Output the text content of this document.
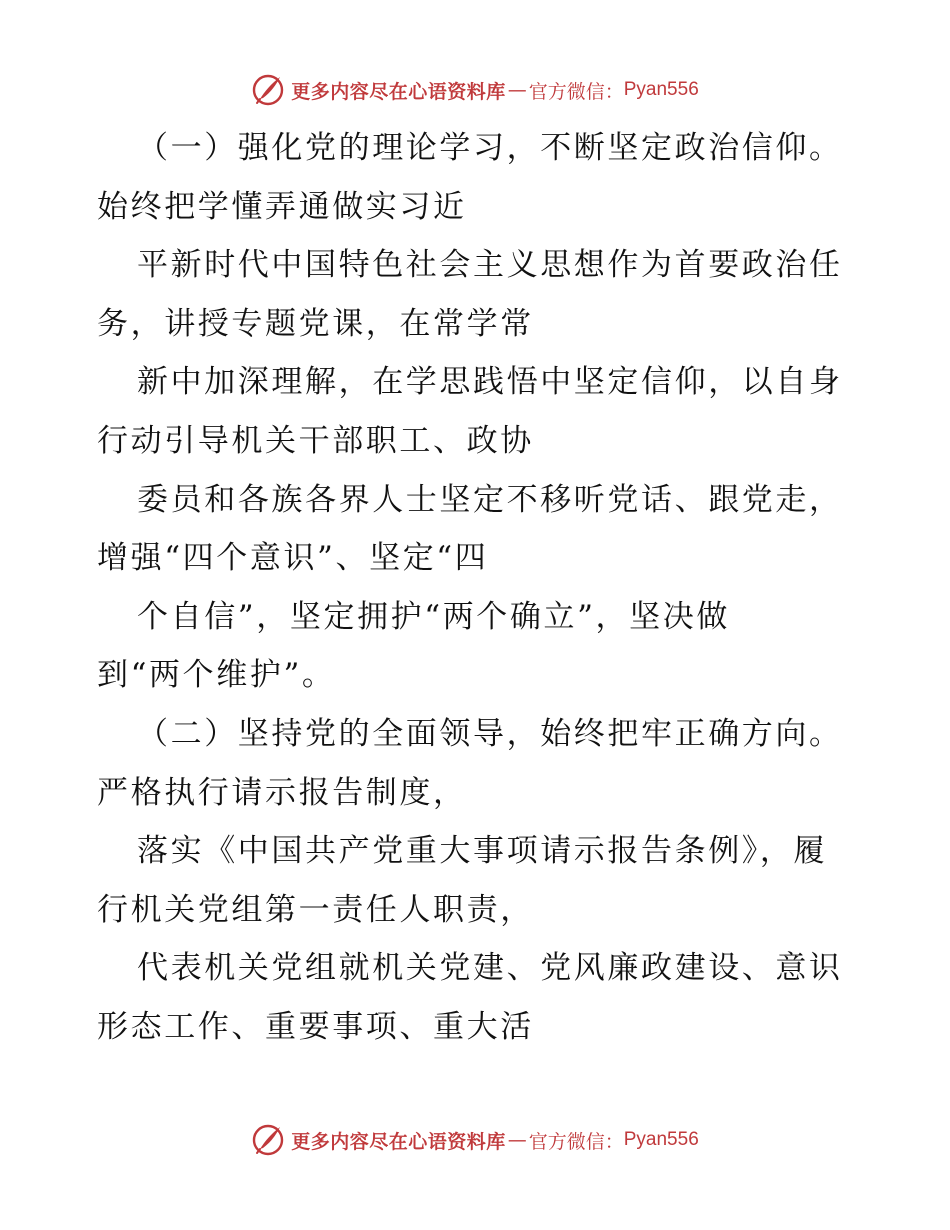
更多内容尽在心语资料库 — 官方微信： Pyan556
（一）强化党的理论学习，不断坚定政治信仰。
始终把学懂弄通做实习近
平新时代中国特色社会主义思想作为首要政治任
务，讲授专题党课，在常学常
新中加深理解，在学思践悟中坚定信仰，以自身
行动引导机关干部职工、政协
委员和各族各界人士坚定不移听党话、跟党走，
增强“四个意识”、坚定“四
个自信”，坚定拥护“两个确立”，坚决做
到“两个维护”。
（二）坚持党的全面领导，始终把牢正确方向。
严格执行请示报告制度，
落实《中国共产党重大事项请示报告条例》，履
行机关党组第一责任人职责，
代表机关党组就机关党建、党风廉政建设、意识
形态工作、重要事项、重大活
更多内容尽在心语资料库 — 官方微信： Pyan556
